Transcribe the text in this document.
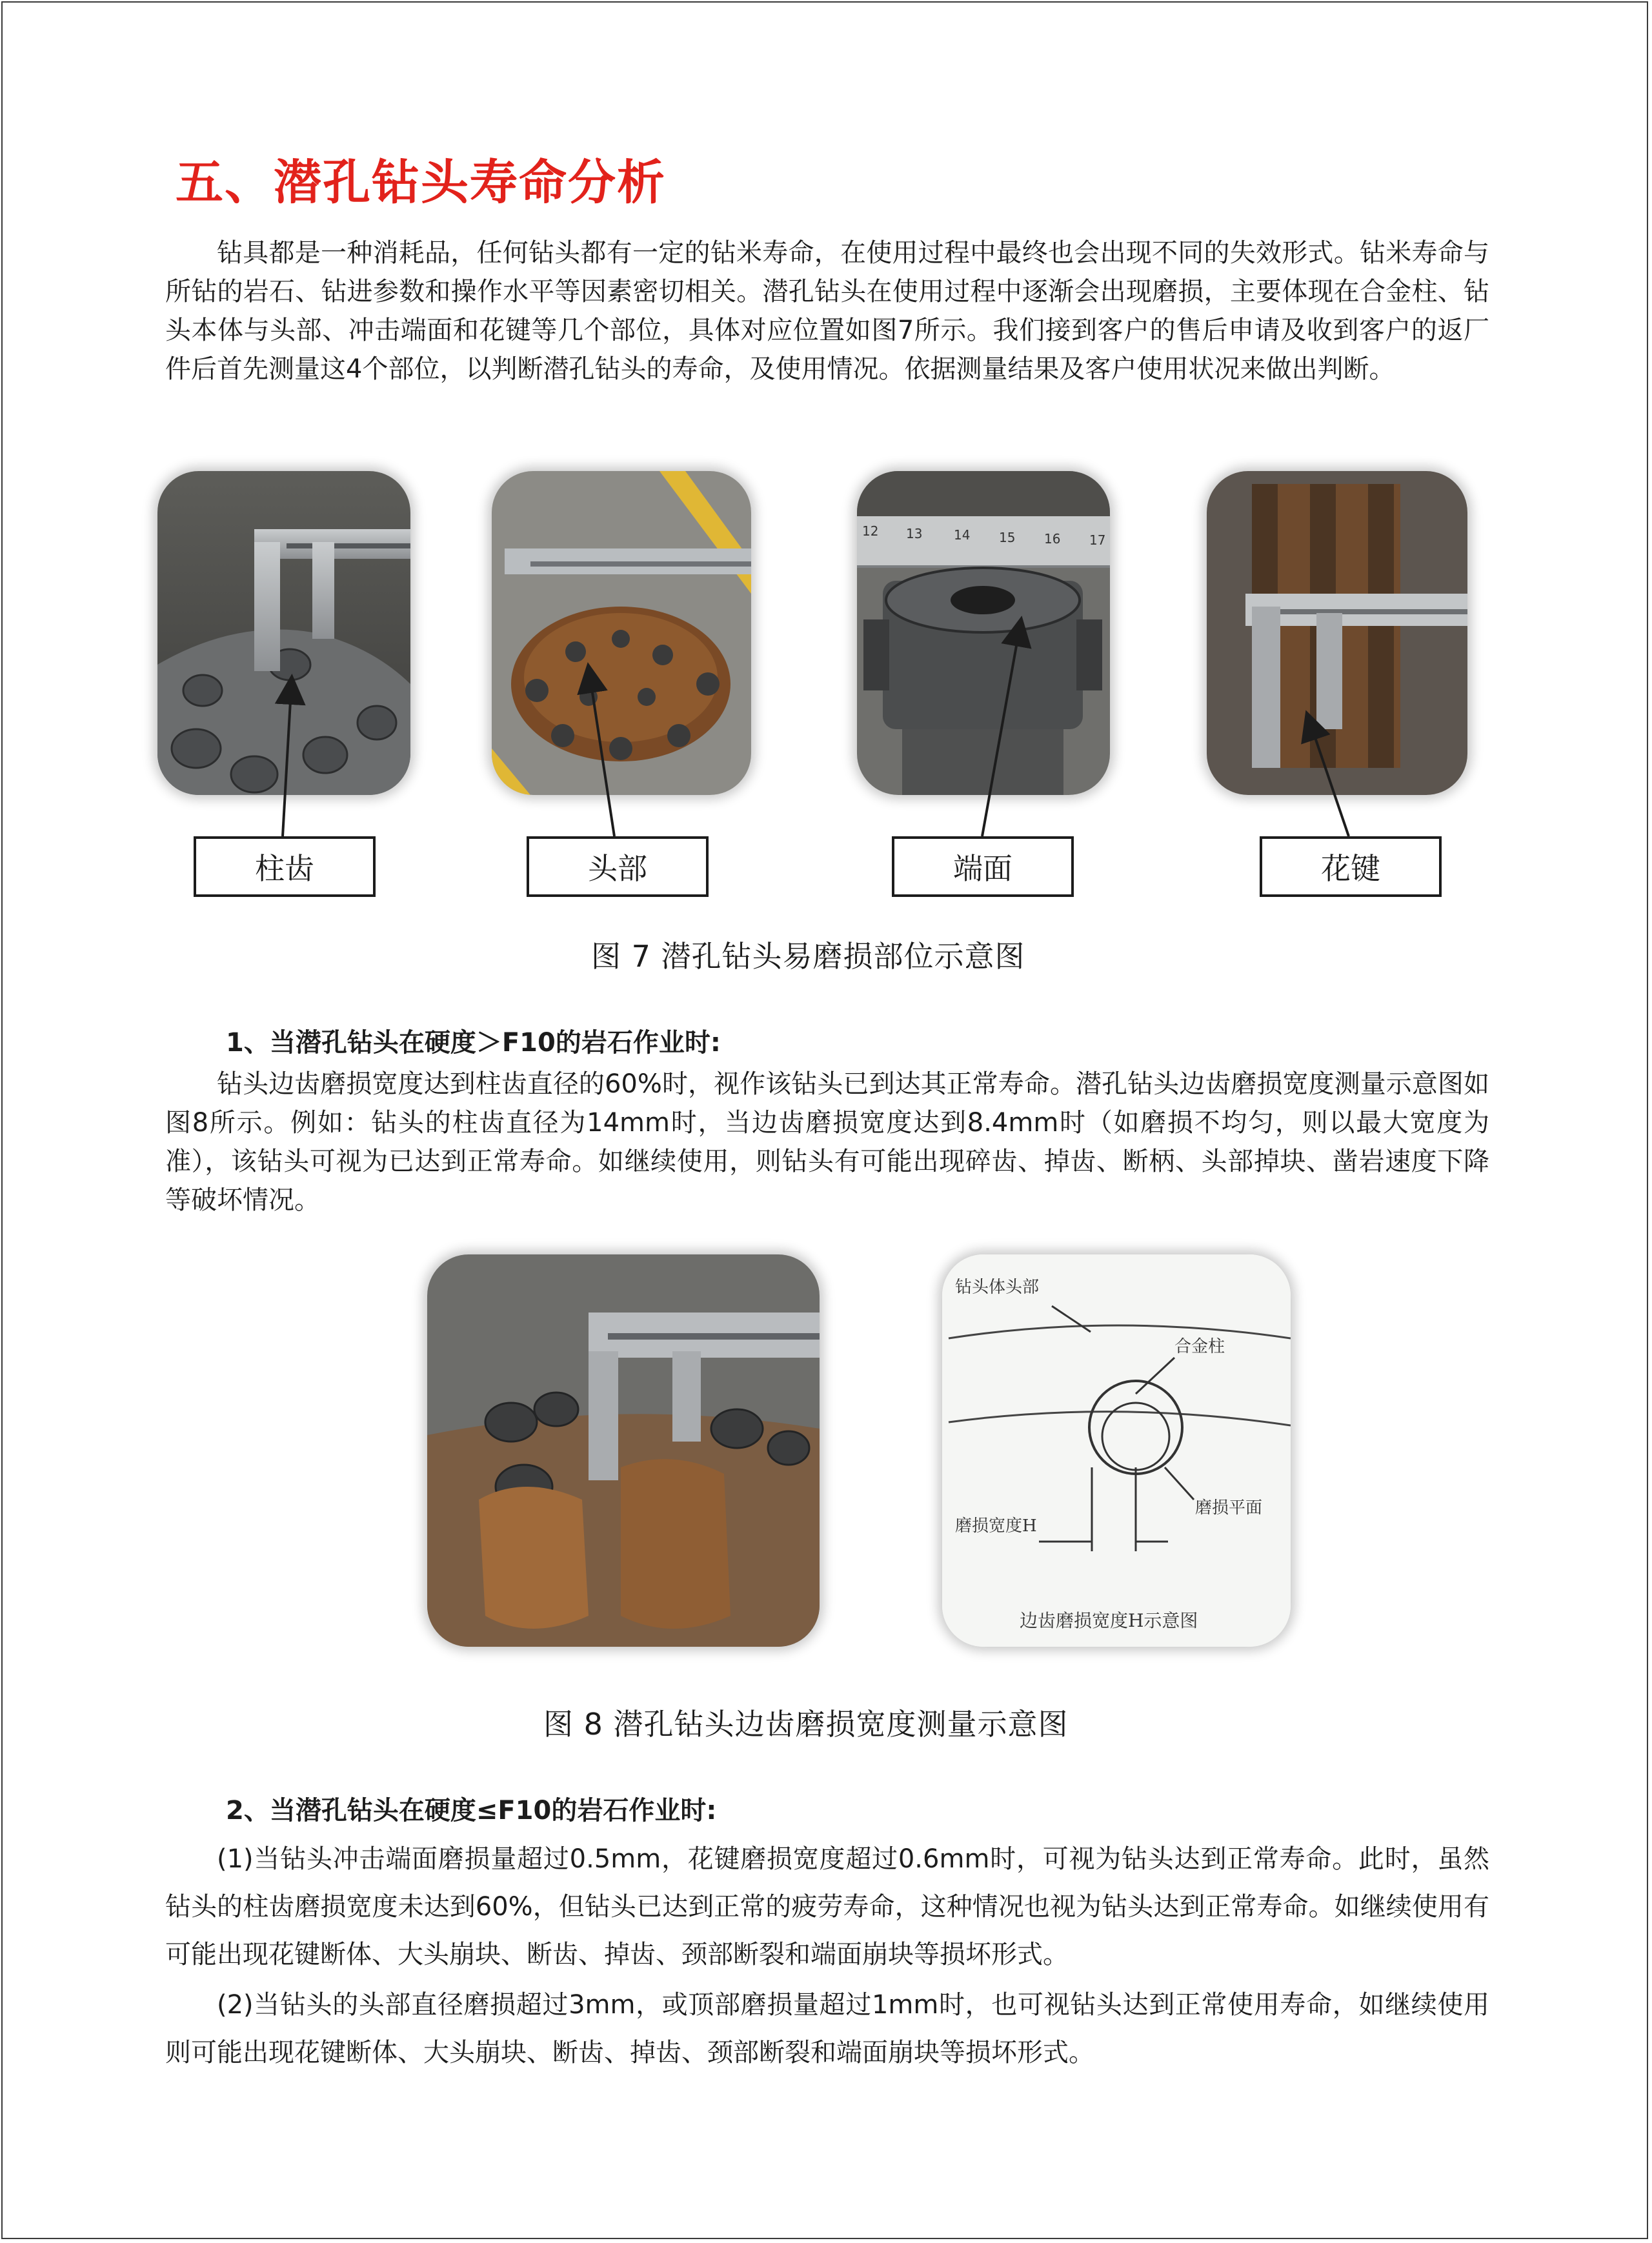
五、潜孔钻头寿命分析

钻具都是一种消耗品，任何钻头都有一定的钻米寿命，在使用过程中最终也会出现不同的失效形式。钻米寿命与所钻的岩石、钻进参数和操作水平等因素密切相关。潜孔钻头在使用过程中逐渐会出现磨损，主要体现在合金柱、钻头本体与头部、冲击端面和花键等几个部位，具体对应位置如图7所示。我们接到客户的售后申请及收到客户的返厂件后首先测量这4个部位，以判断潜孔钻头的寿命，及使用情况。依据测量结果及客户使用状况来做出判断。

12 13 14 15 16 17
柱齿	头部	端面	花键
图 7 潜孔钻头易磨损部位示意图
1、当潜孔钻头在硬度＞F10的岩石作业时:

钻头边齿磨损宽度达到柱齿直径的60%时，视作该钻头已到达其正常寿命。潜孔钻头边齿磨损宽度测量示意图如图8所示。例如：钻头的柱齿直径为14mm时，当边齿磨损宽度达到8.4mm时（如磨损不均匀，则以最大宽度为准），该钻头可视为已达到正常寿命。如继续使用，则钻头有可能出现碎齿、掉齿、断柄、头部掉块、凿岩速度下降等破坏情况。

钻头体头部
合金柱
磨损宽度H
磨损平面
边齿磨损宽度H示意图
图 8 潜孔钻头边齿磨损宽度测量示意图
2、当潜孔钻头在硬度≤F10的岩石作业时:

(1)当钻头冲击端面磨损量超过0.5mm，花键磨损宽度超过0.6mm时，可视为钻头达到正常寿命。此时，虽然钻头的柱齿磨损宽度未达到60%，但钻头已达到正常的疲劳寿命，这种情况也视为钻头达到正常寿命。如继续使用有可能出现花键断体、大头崩块、断齿、掉齿、颈部断裂和端面崩块等损坏形式。

(2)当钻头的头部直径磨损超过3mm，或顶部磨损量超过1mm时，也可视钻头达到正常使用寿命，如继续使用则可能出现花键断体、大头崩块、断齿、掉齿、颈部断裂和端面崩块等损坏形式。
